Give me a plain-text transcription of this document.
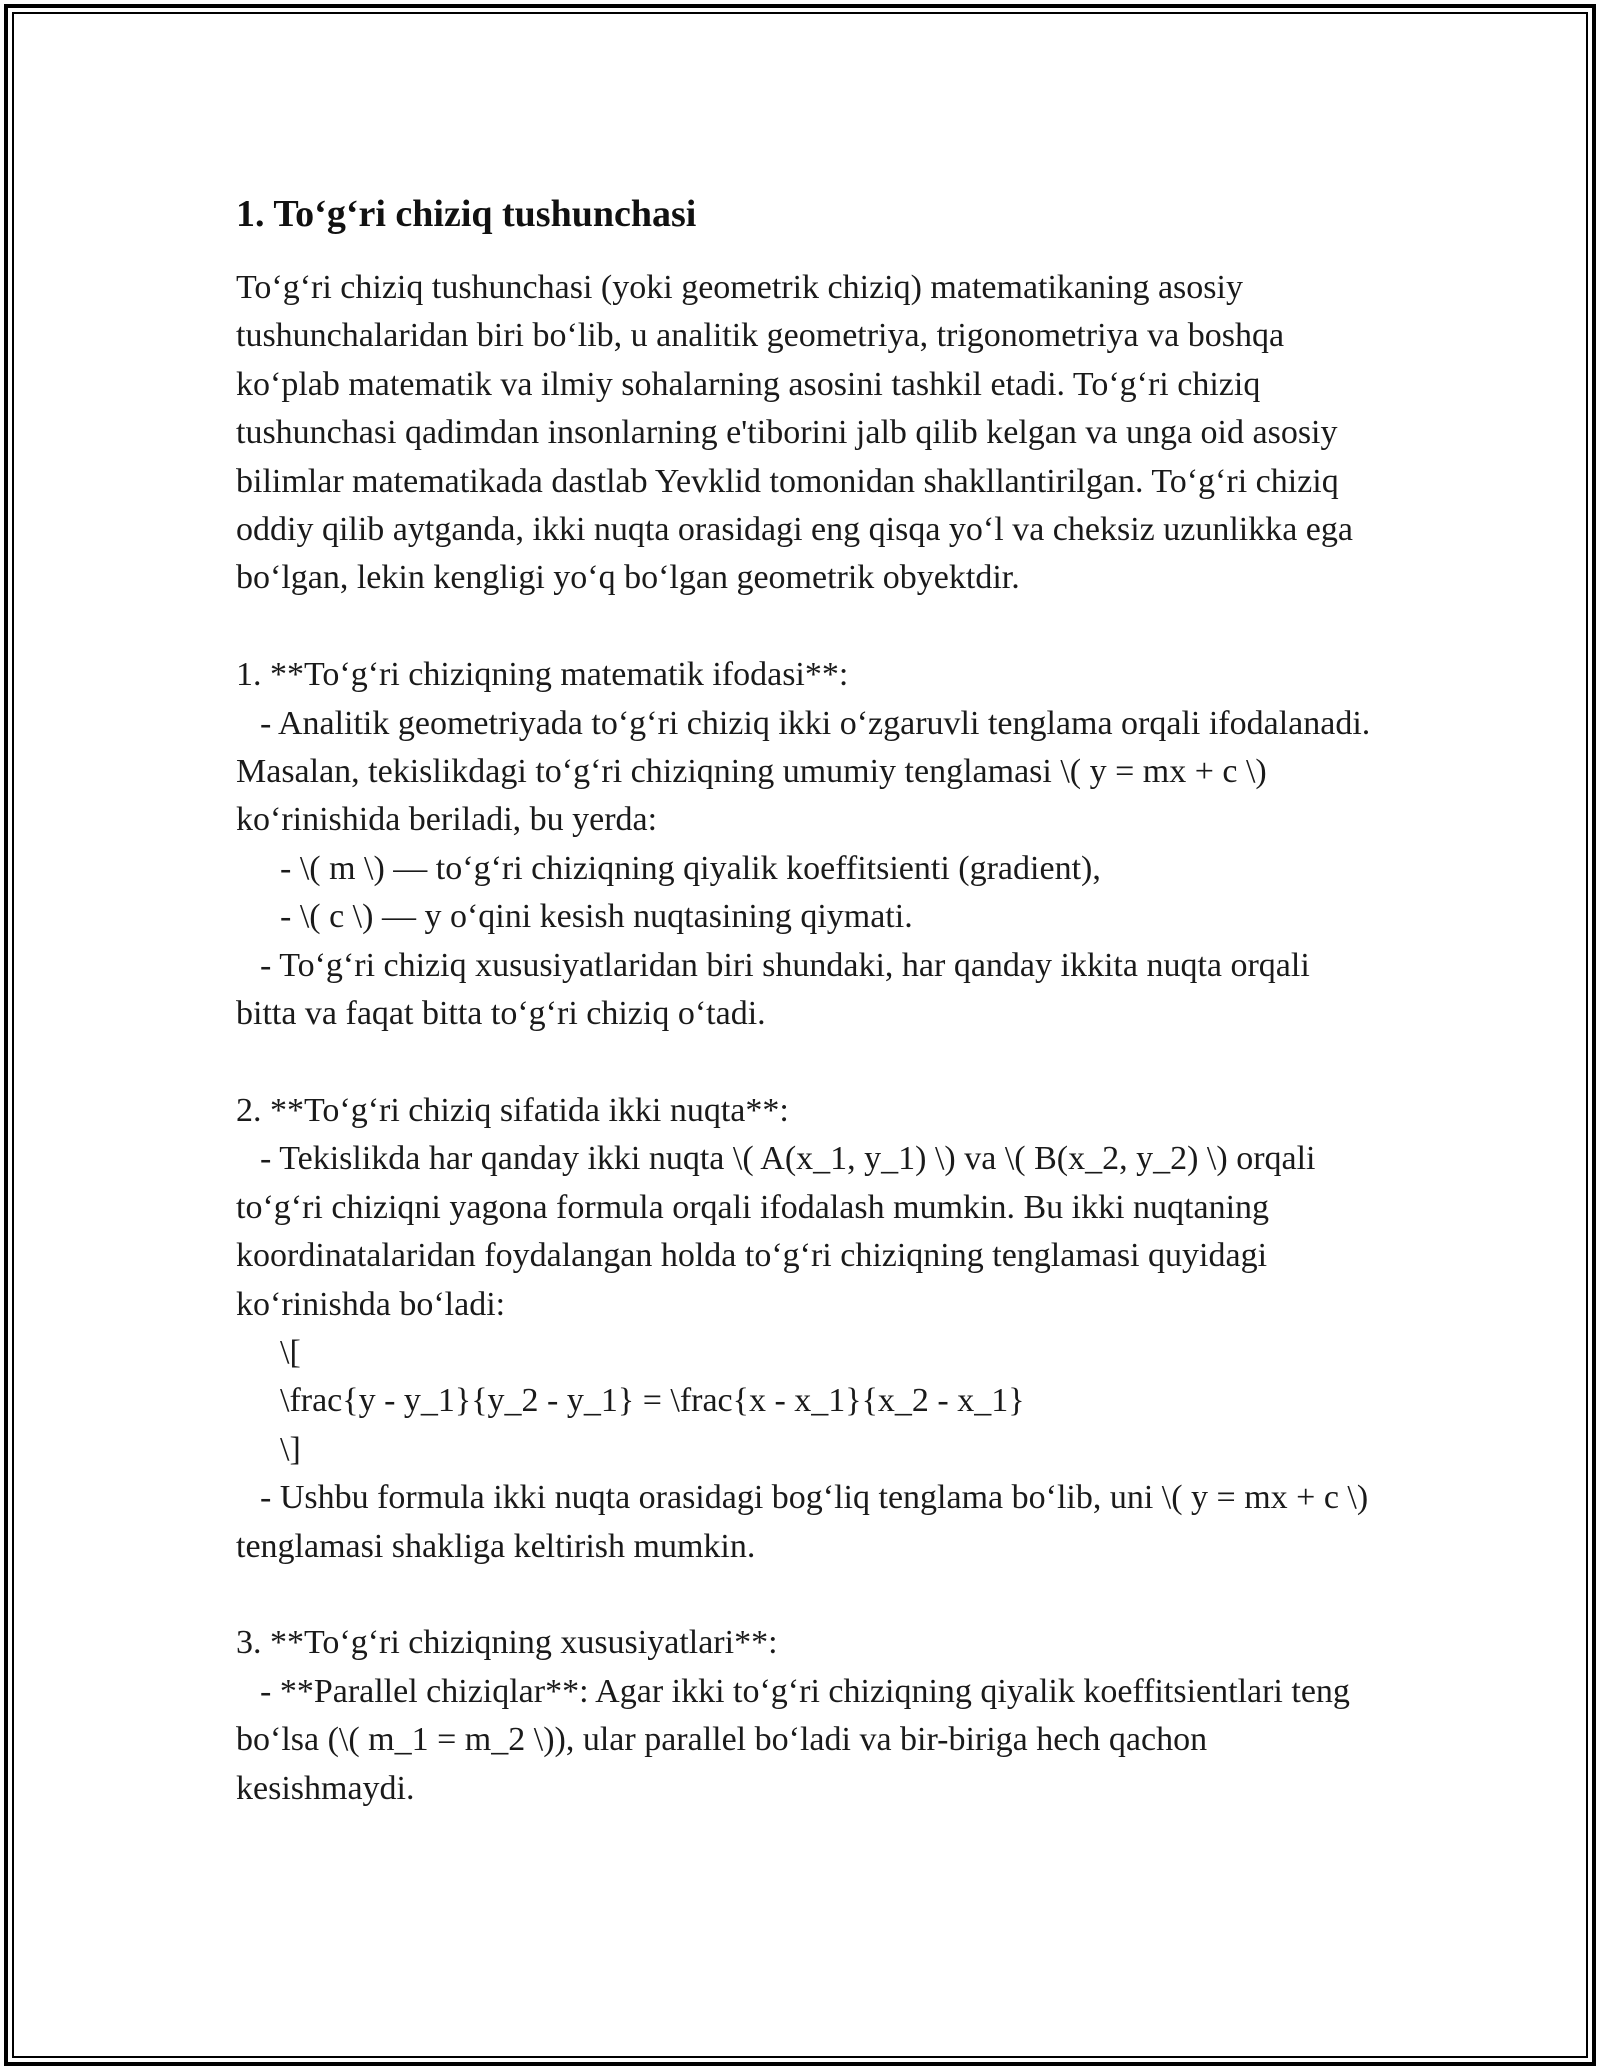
1. To‘g‘ri chiziq tushunchasi

To‘g‘ri chiziq tushunchasi (yoki geometrik chiziq) matematikaning asosiy tushunchalaridan biri bo‘lib, u analitik geometriya, trigonometriya va boshqa ko‘plab matematik va ilmiy sohalarning asosini tashkil etadi. To‘g‘ri chiziq tushunchasi qadimdan insonlarning e'tiborini jalb qilib kelgan va unga oid asosiy bilimlar matematikada dastlab Yevklid tomonidan shakllantirilgan. To‘g‘ri chiziq oddiy qilib aytganda, ikki nuqta orasidagi eng qisqa yo‘l va cheksiz uzunlikka ega bo‘lgan, lekin kengligi yo‘q bo‘lgan geometrik obyektdir.

1. **To‘g‘ri chiziqning matematik ifodasi**:

- Analitik geometriyada to‘g‘ri chiziq ikki o‘zgaruvli tenglama orqali ifodalanadi. Masalan, tekislikdagi to‘g‘ri chiziqning umumiy tenglamasi \( y = mx + c \) ko‘rinishida beriladi, bu yerda:

- \( m \) — to‘g‘ri chiziqning qiyalik koeffitsienti (gradient),

- \( c \) — y o‘qini kesish nuqtasining qiymati.

- To‘g‘ri chiziq xususiyatlaridan biri shundaki, har qanday ikkita nuqta orqali bitta va faqat bitta to‘g‘ri chiziq o‘tadi.

2. **To‘g‘ri chiziq sifatida ikki nuqta**:

- Tekislikda har qanday ikki nuqta \( A(x_1, y_1) \) va \( B(x_2, y_2) \) orqali to‘g‘ri chiziqni yagona formula orqali ifodalash mumkin. Bu ikki nuqtaning koordinatalaridan foydalangan holda to‘g‘ri chiziqning tenglamasi quyidagi ko‘rinishda bo‘ladi:

\[

\frac{y - y_1}{y_2 - y_1} = \frac{x - x_1}{x_2 - x_1}

\]

- Ushbu formula ikki nuqta orasidagi bog‘liq tenglama bo‘lib, uni \( y = mx + c \) tenglamasi shakliga keltirish mumkin.

3. **To‘g‘ri chiziqning xususiyatlari**:

- **Parallel chiziqlar**: Agar ikki to‘g‘ri chiziqning qiyalik koeffitsientlari teng bo‘lsa (\( m_1 = m_2 \)), ular parallel bo‘ladi va bir-biriga hech qachon kesishmaydi.
